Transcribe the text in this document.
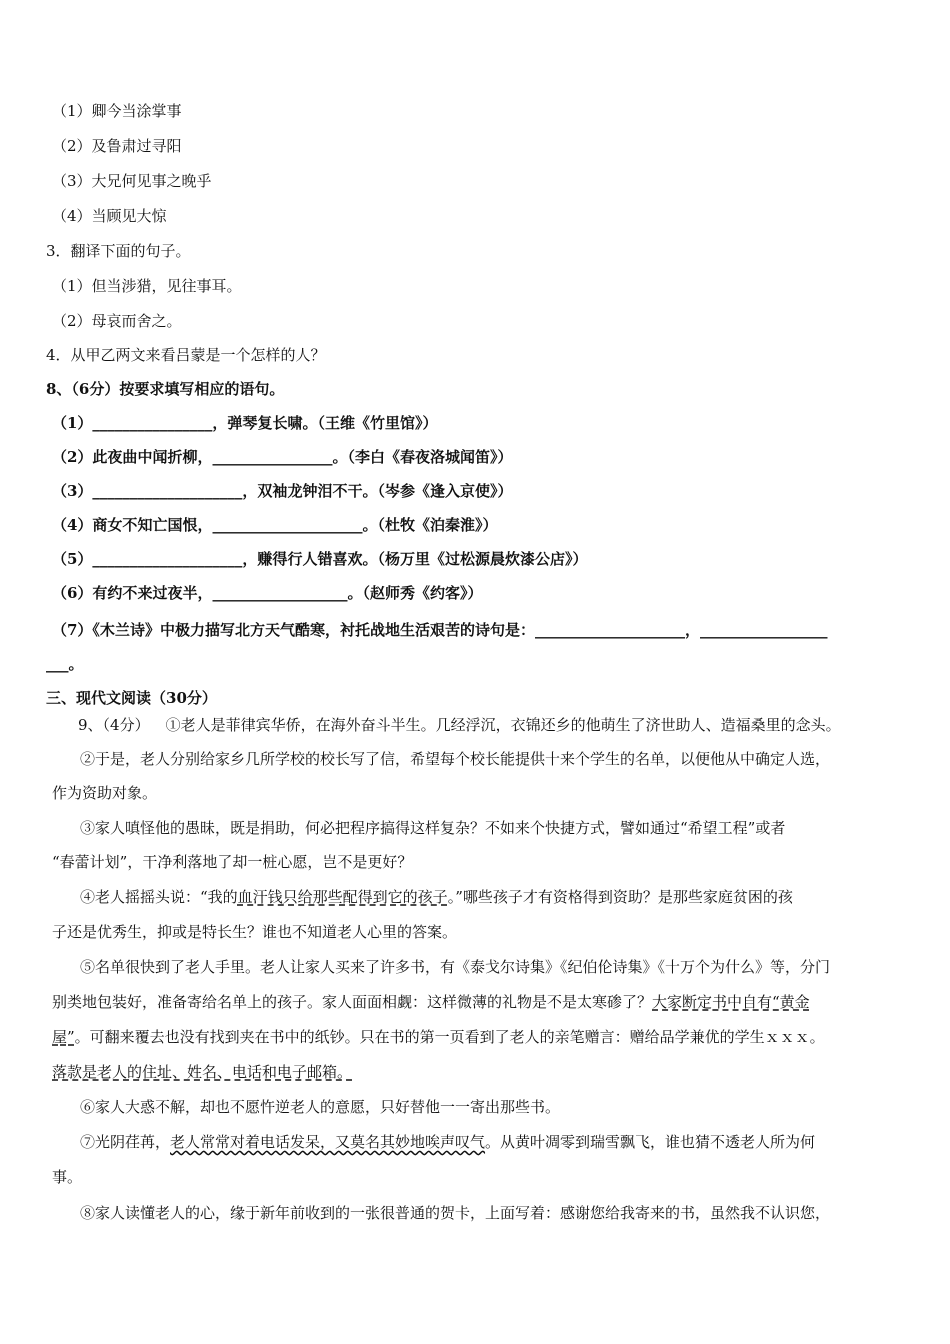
（1）卿今当涂掌事
（2）及鲁肃过寻阳
（3）大兄何见事之晚乎
（4）当顾见大惊
3．翻译下面的句子。
（1）但当涉猎，见往事耳。
（2）母哀而舍之。
4．从甲乙两文来看吕蒙是一个怎样的人？
8、（6分）按要求填写相应的语句。
（1）________________，弹琴复长啸。（王维《竹里馆》）
（2）此夜曲中闻折柳，________________。（李白《春夜洛城闻笛》）
（3）____________________，双袖龙钟泪不干。（岑参《逢入京使》）
（4）商女不知亡国恨，____________________。（杜牧《泊秦淮》）
（5）____________________，赚得行人错喜欢。（杨万里《过松源晨炊漆公店》）
（6）有约不来过夜半，__________________。（赵师秀《约客》）
（7）《木兰诗》中极力描写北方天气酷寒，衬托战地生活艰苦的诗句是：____________________，_________________
___。
三、现代文阅读（30分）
9、（4分） ①老人是菲律宾华侨，在海外奋斗半生。几经浮沉，衣锦还乡的他萌生了济世助人、造福桑里的念头。
②于是，老人分别给家乡几所学校的校长写了信，希望每个校长能提供十来个学生的名单，以便他从中确定人选，
作为资助对象。
③家人嗔怪他的愚昧，既是捐助，何必把程序搞得这样复杂？不如来个快捷方式，譬如通过“希望工程”或者
“春蕾计划”，干净利落地了却一桩心愿，岂不是更好？
④老人摇摇头说：“我的血汗钱只给那些配得到它的孩子。”哪些孩子才有资格得到资助？是那些家庭贫困的孩
子还是优秀生，抑或是特长生？谁也不知道老人心里的答案。
⑤名单很快到了老人手里。老人让家人买来了许多书，有《泰戈尔诗集》《纪伯伦诗集》《十万个为什么》等，分门
别类地包装好，准备寄给名单上的孩子。家人面面相觑：这样微薄的礼物是不是太寒碜了？大家断定书中自有“黄金
屋”。可翻来覆去也没有找到夹在书中的纸钞。只在书的第一页看到了老人的亲笔赠言：赠给品学兼优的学生ｘｘｘ。
落款是老人的住址、姓名、电话和电子邮箱。
⑥家人大惑不解，却也不愿忤逆老人的意愿，只好替他一一寄出那些书。
⑦光阴荏苒，老人常常对着电话发呆，又莫名其妙地唉声叹气。从黄叶凋零到瑞雪飘飞，谁也猜不透老人所为何
事。
⑧家人读懂老人的心，缘于新年前收到的一张很普通的贺卡，上面写着：感谢您给我寄来的书，虽然我不认识您，
